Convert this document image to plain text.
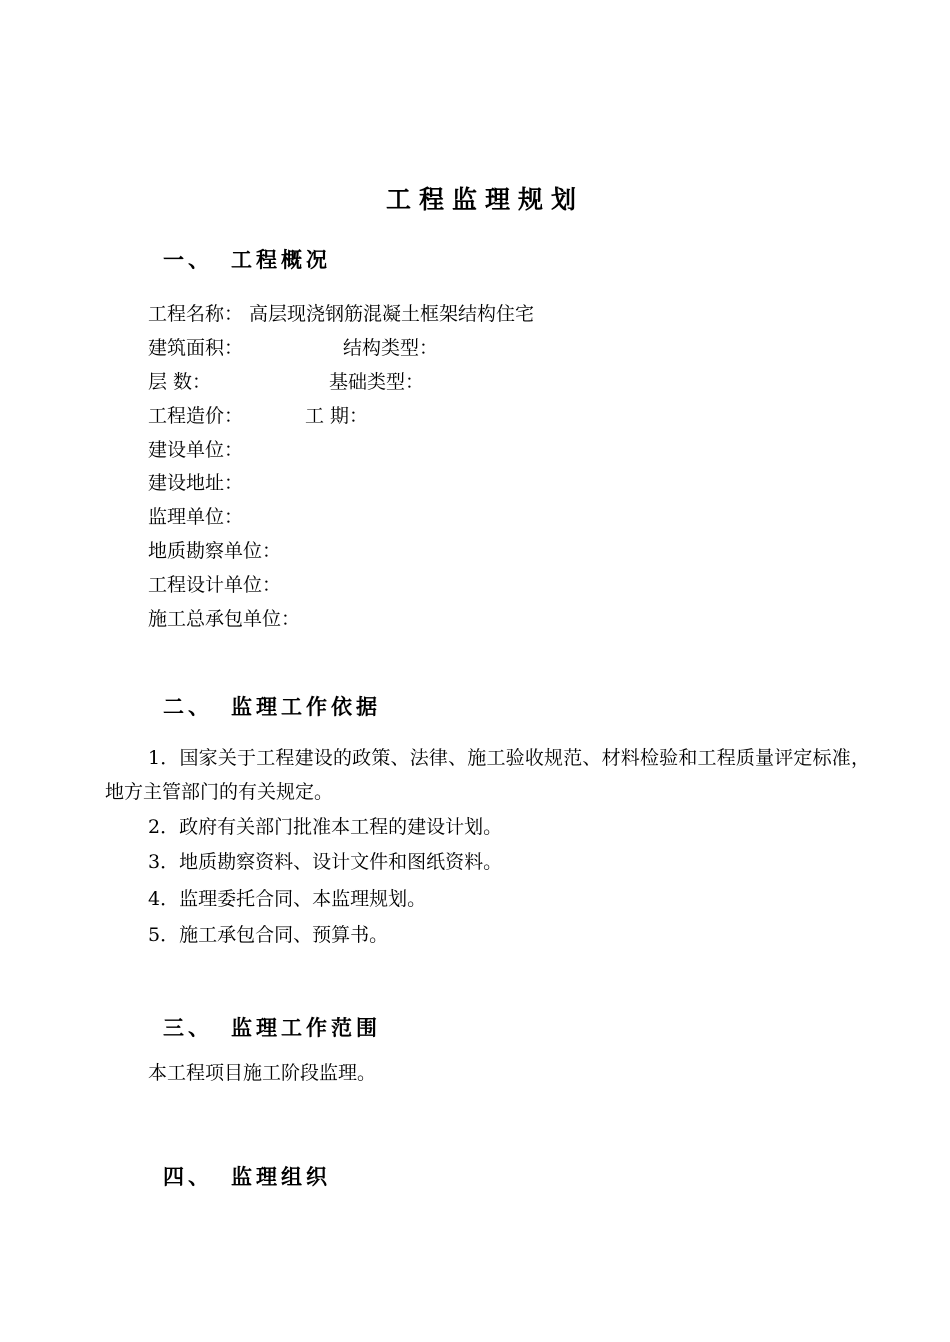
工程监理规划
一、 工程概况
工程名称： 高层现浇钢筋混凝土框架结构住宅
建筑面积：	结构类型：
层 数：	基础类型：
工程造价：	工 期：
建设单位：
建设地址：
监理单位：
地质勘察单位：
工程设计单位：
施工总承包单位：
二、 监理工作依据
1．国家关于工程建设的政策、法律、施工验收规范、材料检验和工程质量评定标准，地方主管部门的有关规定。
2．政府有关部门批准本工程的建设计划。
3．地质勘察资料、设计文件和图纸资料。
4．监理委托合同、本监理规划。
5．施工承包合同、预算书。
三、 监理工作范围
本工程项目施工阶段监理。
四、 监理组织
